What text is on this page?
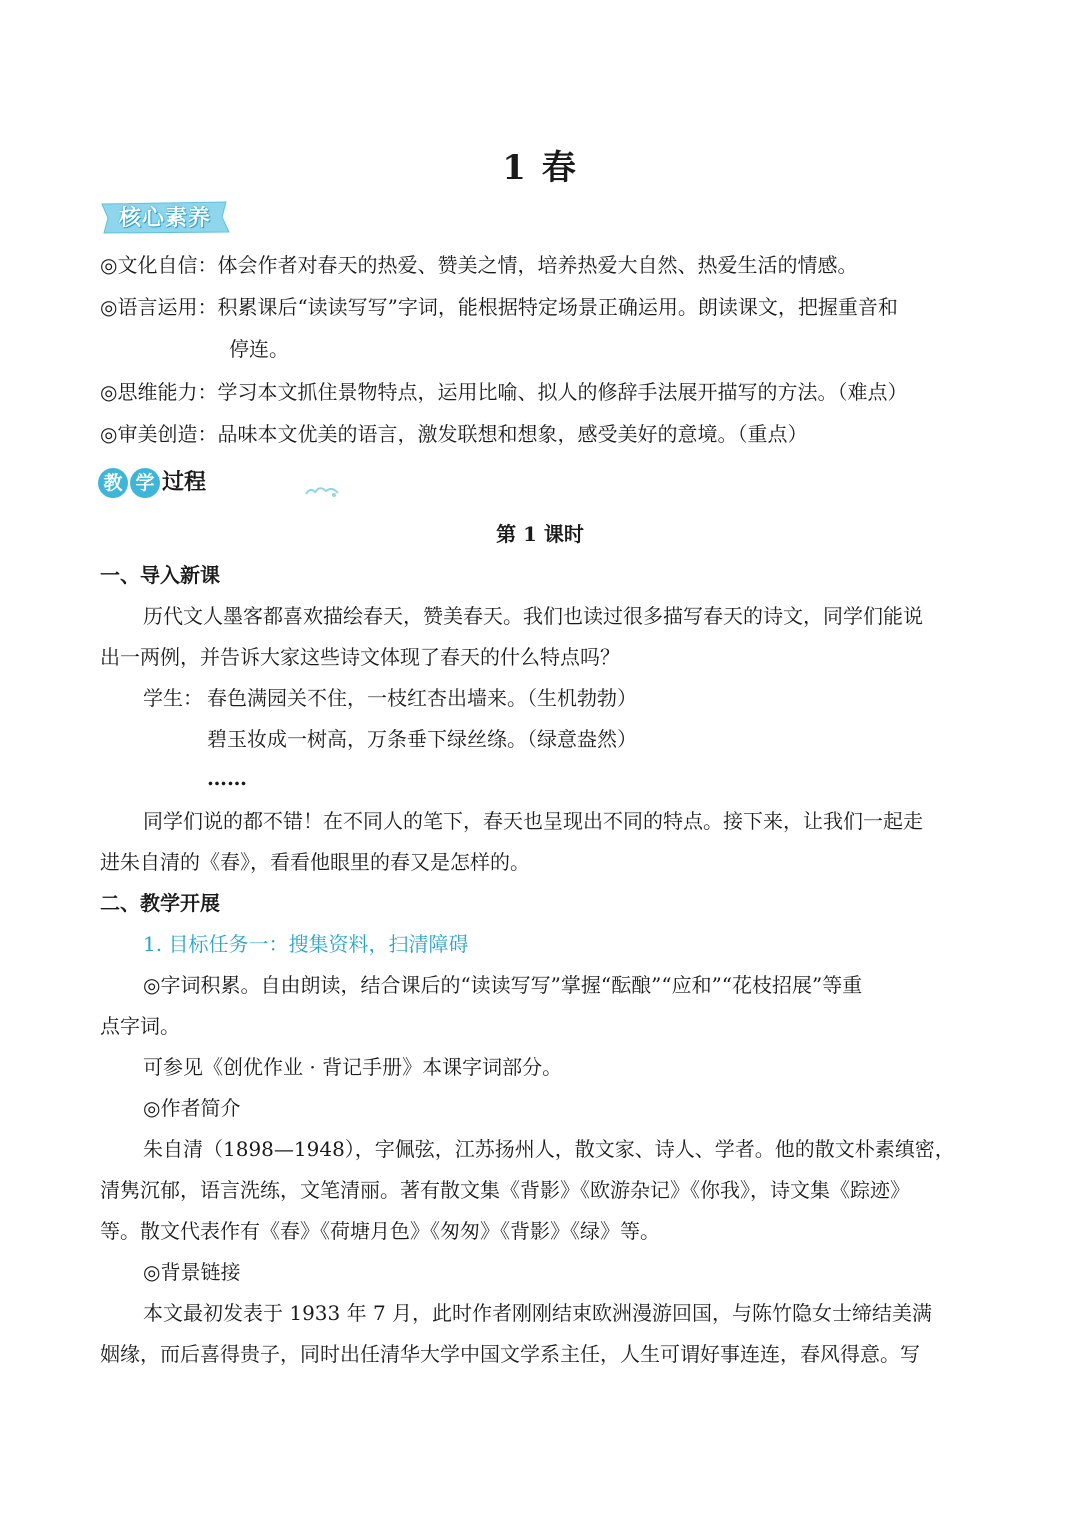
1 春
核心素养
◎文化自信：体会作者对春天的热爱、赞美之情，培养热爱大自然、热爱生活的情感。
◎语言运用：积累课后“读读写写”字词，能根据特定场景正确运用。朗读课文，把握重音和
停连。
◎思维能力：学习本文抓住景物特点，运用比喻、拟人的修辞手法展开描写的方法。（难点）
◎审美创造：品味本文优美的语言，激发联想和想象，感受美好的意境。（重点）
教 学 过程
第 1 课时
一、导入新课
历代文人墨客都喜欢描绘春天，赞美春天。我们也读过很多描写春天的诗文，同学们能说
出一两例，并告诉大家这些诗文体现了春天的什么特点吗？
学生： 春色满园关不住，一枝红杏出墙来。（生机勃勃）
碧玉妆成一树高，万条垂下绿丝绦。（绿意盎然）
……
同学们说的都不错！在不同人的笔下，春天也呈现出不同的特点。接下来，让我们一起走
进朱自清的《春》，看看他眼里的春又是怎样的。
二、教学开展
1. 目标任务一：搜集资料，扫清障碍
◎字词积累。自由朗读，结合课后的“读读写写”掌握“酝酿”“应和”“花枝招展”等重
点字词。
可参见《创优作业 · 背记手册》本课字词部分。
◎作者简介
朱自清（1898—1948），字佩弦，江苏扬州人，散文家、诗人、学者。他的散文朴素缜密，
清隽沉郁，语言洗练，文笔清丽。著有散文集《背影》《欧游杂记》《你我》，诗文集《踪迹》
等。散文代表作有《春》《荷塘月色》《匆匆》《背影》《绿》等。
◎背景链接
本文最初发表于 1933 年 7 月，此时作者刚刚结束欧洲漫游回国，与陈竹隐女士缔结美满
姻缘，而后喜得贵子，同时出任清华大学中国文学系主任，人生可谓好事连连，春风得意。写
